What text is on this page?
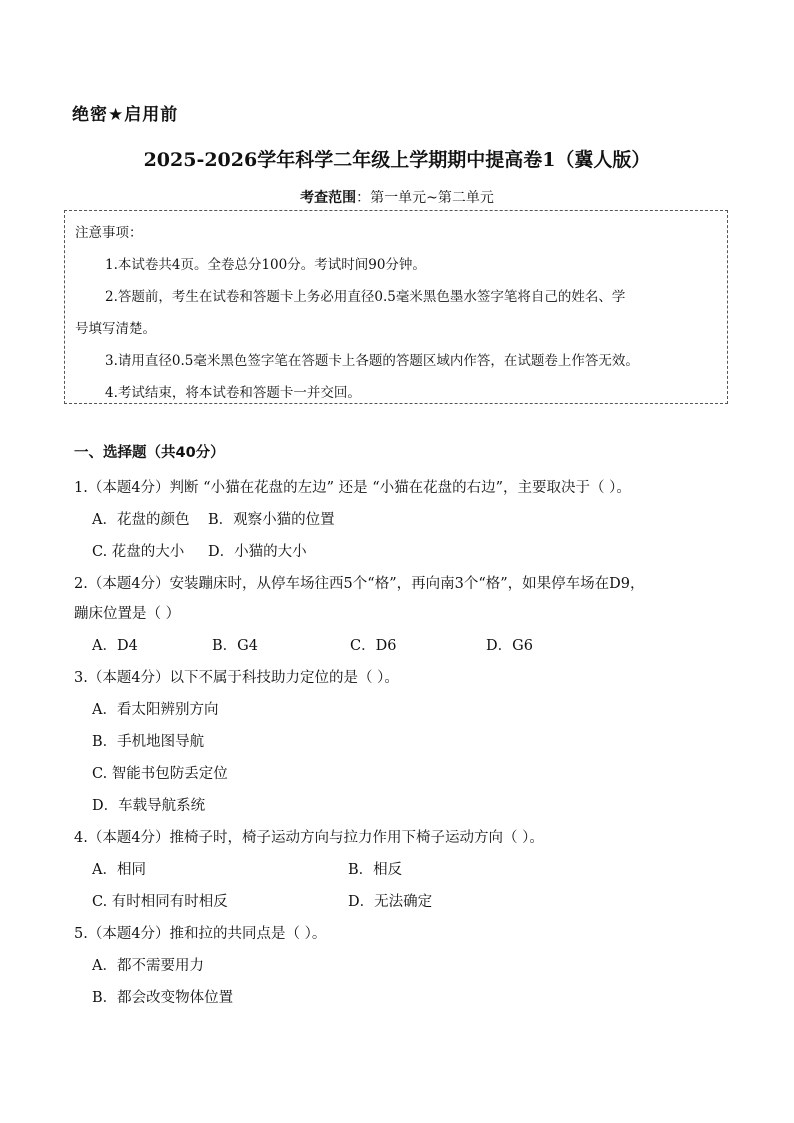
绝密★启用前
2025-2026学年科学二年级上学期期中提高卷1（冀人版）
考查范围：第一单元~第二单元
注意事项：
1.本试卷共4页。全卷总分100分。考试时间90分钟。
2.答题前，考生在试卷和答题卡上务必用直径0.5毫米黑色墨水签字笔将自己的姓名、学
号填写清楚。
3.请用直径0.5毫米黑色签字笔在答题卡上各题的答题区域内作答，在试题卷上作答无效。
4.考试结束，将本试卷和答题卡一并交回。
一、选择题（共40分）
1.（本题4分）判断 “小猫在花盘的左边” 还是 “小猫在花盘的右边”，主要取决于（ ）。
A．花盘的颜色 B．观察小猫的位置
C. 花盘的大小 D．小猫的大小
2.（本题4分）安装蹦床时，从停车场往西5个“格”，再向南3个“格”，如果停车场在D9，
蹦床位置是（ ）
A．D4	B．G4	C．D6	D．G6
3.（本题4分）以下不属于科技助力定位的是（ ）。
A．看太阳辨别方向
B．手机地图导航
C. 智能书包防丢定位
D．车载导航系统
4.（本题4分）推椅子时，椅子运动方向与拉力作用下椅子运动方向（ ）。
A．相同	B．相反
C. 有时相同有时相反	D．无法确定
5.（本题4分）推和拉的共同点是（ ）。
A．都不需要用力
B．都会改变物体位置
